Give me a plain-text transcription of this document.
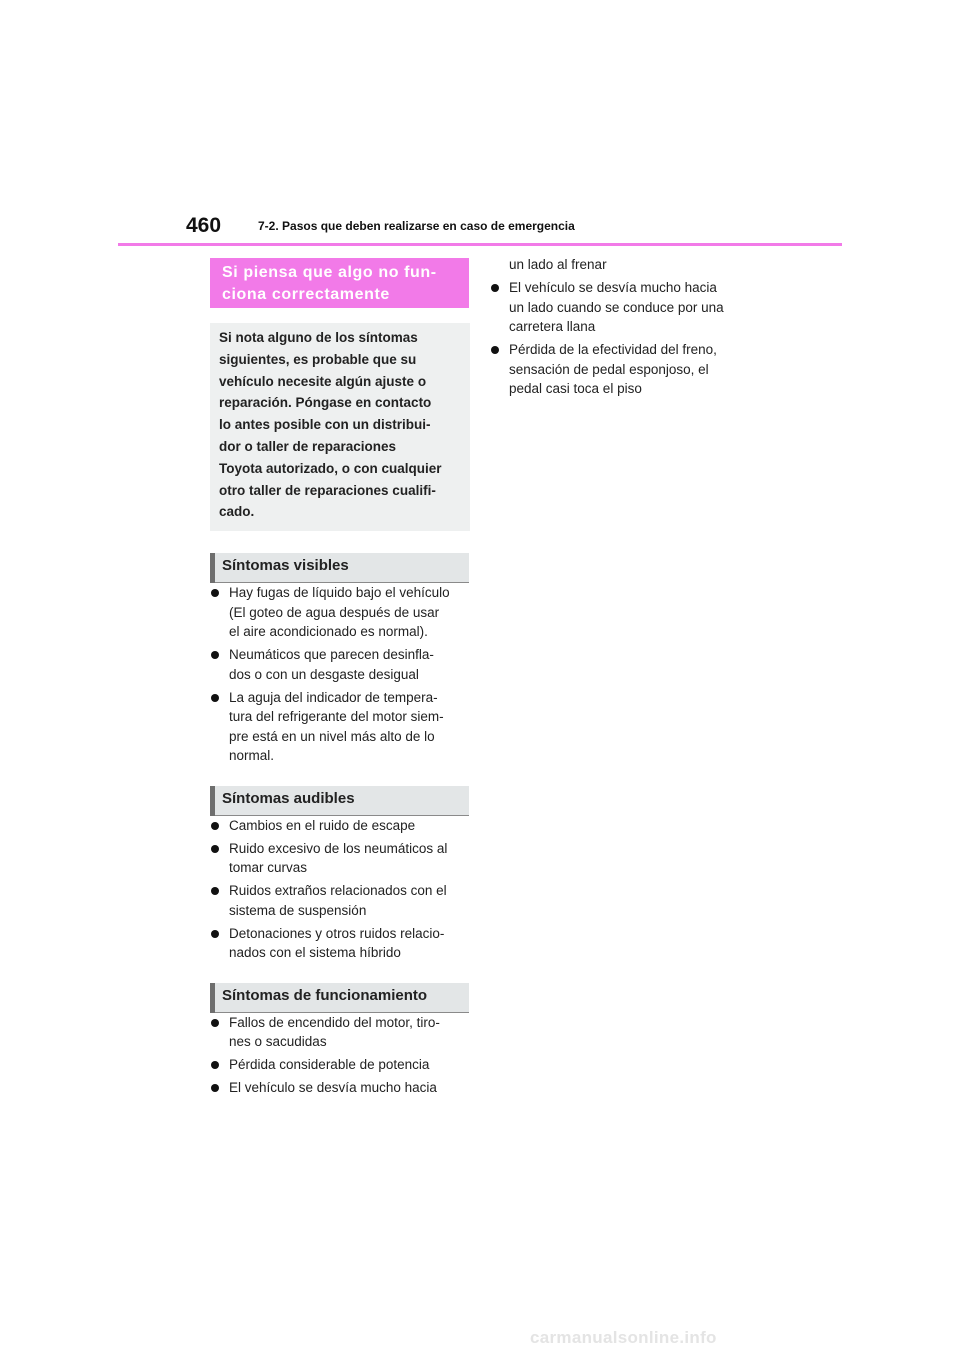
460	7-2. Pasos que deben realizarse en caso de emergencia
Si piensa que algo no fun-
ciona correctamente
Si nota alguno de los síntomas
siguientes, es probable que su
vehículo necesite algún ajuste o
reparación. Póngase en contacto
lo antes posible con un distribui-
dor o taller de reparaciones
Toyota autorizado, o con cualquier
otro taller de reparaciones cualifi-
cado.
Síntomas visibles
Hay fugas de líquido bajo el vehículo
(El goteo de agua después de usar
el aire acondicionado es normal).
Neumáticos que parecen desinfla-
dos o con un desgaste desigual
La aguja del indicador de tempera-
tura del refrigerante del motor siem-
pre está en un nivel más alto de lo
normal.
Síntomas audibles
Cambios en el ruido de escape
Ruido excesivo de los neumáticos al
tomar curvas
Ruidos extraños relacionados con el
sistema de suspensión
Detonaciones y otros ruidos relacio-
nados con el sistema híbrido
Síntomas de funcionamiento
Fallos de encendido del motor, tiro-
nes o sacudidas
Pérdida considerable de potencia
El vehículo se desvía mucho hacia
un lado al frenar
El vehículo se desvía mucho hacia
un lado cuando se conduce por una
carretera llana
Pérdida de la efectividad del freno,
sensación de pedal esponjoso, el
pedal casi toca el piso
carmanualsonline.info
